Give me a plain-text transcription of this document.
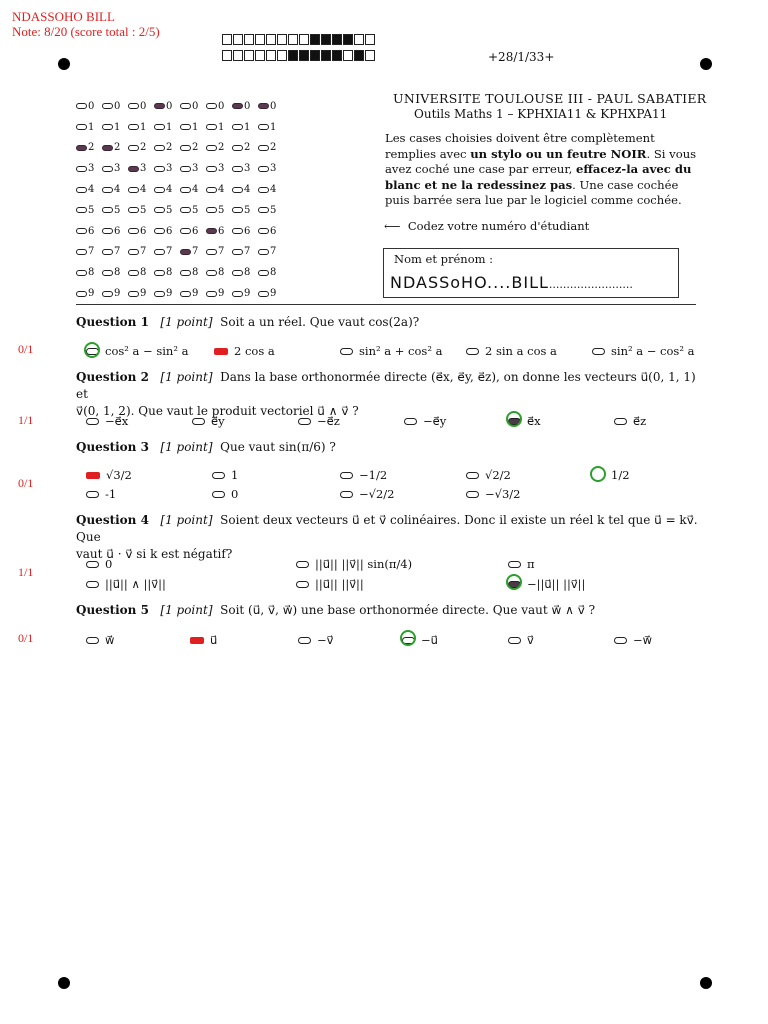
NDASSOHO BILL
Note: 8/20 (score total : 2/5)
+28/1/33+
0 0 0 0 0 0 0 0
1 1 1 1 1 1 1 1
2 2 2 2 2 2 2 2
3 3 3 3 3 3 3 3
4 4 4 4 4 4 4 4
5 5 5 5 5 5 5 5
6 6 6 6 6 6 6 6
7 7 7 7 7 7 7 7
8 8 8 8 8 8 8 8
9 9 9 9 9 9 9 9
UNIVERSITE TOULOUSE III - PAUL SABATIER
Outils Maths 1 – KPHXIA11 & KPHXPA11
Les cases choisies doivent être complètement remplies avec un stylo ou un feutre NOIR. Si vous avez coché une case par erreur, effacez-la avec du blanc et ne la redessinez pas. Une case cochée puis barrée sera lue par le logiciel comme cochée.
⟵ Codez votre numéro d'étudiant
Nom et prénom :
NDASSoHO....BILL........................
Question 1 [1 point] Soit a un réel. Que vaut cos(2a)?
0/1	cos² a − sin² a	2 cos a	sin² a + cos² a	2 sin a cos a	sin² a − cos² a
Question 2 [1 point] Dans la base orthonormée directe (e⃗x, e⃗y, e⃗z), on donne les vecteurs u⃗(0, 1, 1) et
v⃗(0, 1, 2). Que vaut le produit vectoriel u⃗ ∧ v⃗ ?
1/1	−e⃗x	e⃗y	−e⃗z	−e⃗y	e⃗x	e⃗z
Question 3 [1 point] Que vaut sin(π/6) ?
0/1
√3/2	1	−1/2	√2/2	1/2
-1	0	−√2/2	−√3/2
Question 4 [1 point] Soient deux vecteurs u⃗ et v⃗ colinéaires. Donc il existe un réel k tel que u⃗ = kv⃗. Que
vaut u⃗ · v⃗ si k est négatif?
1/1
0	||u⃗|| ||v⃗|| sin(π/4)	π
||u⃗|| ∧ ||v⃗||	||u⃗|| ||v⃗||	−||u⃗|| ||v⃗||
Question 5 [1 point] Soit (u⃗, v⃗, w⃗) une base orthonormée directe. Que vaut w⃗ ∧ v⃗ ?
0/1	w⃗	u⃗	−v⃗	−u⃗	v⃗	−w⃗
